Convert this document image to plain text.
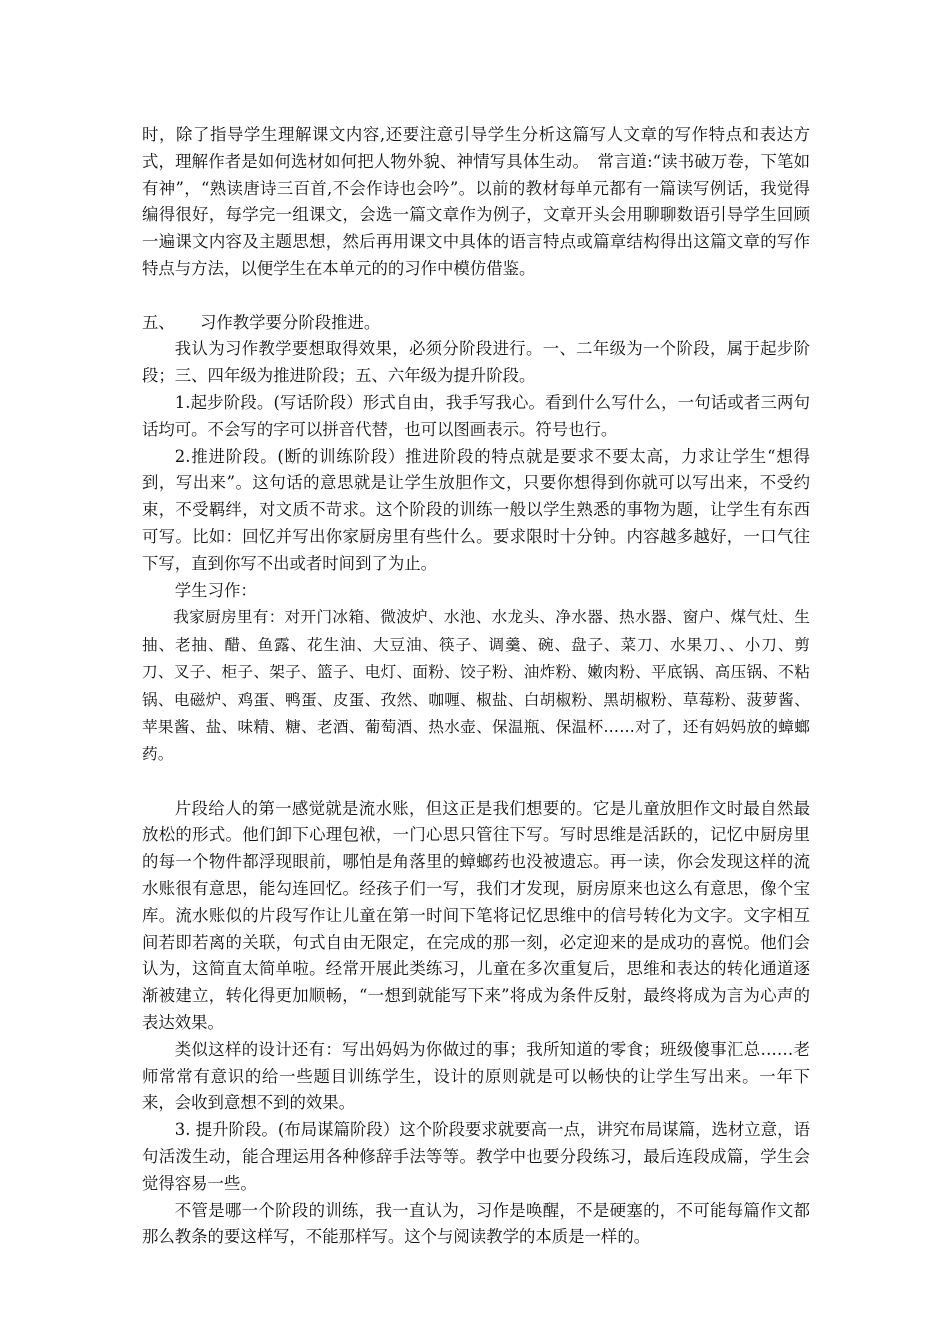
时，除了指导学生理解课文内容,还要注意引导学生分析这篇写人文章的写作特点和表达方式，理解作者是如何选材如何把人物外貌、神情写具体生动。　常言道:“读书破万卷，下笔如有神”，“熟读唐诗三百首,不会作诗也会吟”。以前的教材每单元都有一篇读写例话，我觉得编得很好，每学完一组课文，会选一篇文章作为例子，文章开头会用聊聊数语引导学生回顾一遍课文内容及主题思想，然后再用课文中具体的语言特点或篇章结构得出这篇文章的写作特点与方法，以便学生在本单元的的习作中模仿借鉴。

五、	习作教学要分阶段推进。

我认为习作教学要想取得效果，必须分阶段进行。一、二年级为一个阶段，属于起步阶段；三、四年级为推进阶段；五、六年级为提升阶段。

1.起步阶段。(写话阶段）形式自由，我手写我心。看到什么写什么，一句话或者三两句话均可。不会写的字可以拼音代替，也可以图画表示。符号也行。

2.推进阶段。(断的训练阶段）推进阶段的特点就是要求不要太高，力求让学生“想得到，写出来”。这句话的意思就是让学生放胆作文，只要你想得到你就可以写出来，不受约束，不受羁绊，对文质不苛求。这个阶段的训练一般以学生熟悉的事物为题，让学生有东西可写。比如：回忆并写出你家厨房里有些什么。要求限时十分钟。内容越多越好，一口气往下写，直到你写不出或者时间到了为止。

学生习作：

我家厨房里有：对开门冰箱、微波炉、水池、水龙头、净水器、热水器、窗户、煤气灶、生抽、老抽、醋、鱼露、花生油、大豆油、筷子、调羹、碗、盘子、菜刀、水果刀、、小刀、剪刀、叉子、柜子、架子、篮子、电灯、面粉、饺子粉、油炸粉、嫩肉粉、平底锅、高压锅、不粘锅、电磁炉、鸡蛋、鸭蛋、皮蛋、孜然、咖喱、椒盐、白胡椒粉、黑胡椒粉、草莓粉、菠萝酱、苹果酱、盐、味精、糖、老酒、葡萄酒、热水壶、保温瓶、保温杯……对了，还有妈妈放的蟑螂药。

片段给人的第一感觉就是流水账，但这正是我们想要的。它是儿童放胆作文时最自然最放松的形式。他们卸下心理包袱，一门心思只管往下写。写时思维是活跃的，记忆中厨房里的每一个物件都浮现眼前，哪怕是角落里的蟑螂药也没被遗忘。再一读，你会发现这样的流水账很有意思，能勾连回忆。经孩子们一写，我们才发现，厨房原来也这么有意思，像个宝库。流水账似的片段写作让儿童在第一时间下笔将记忆思维中的信号转化为文字。文字相互间若即若离的关联，句式自由无限定，在完成的那一刻，必定迎来的是成功的喜悦。他们会认为，这简直太简单啦。经常开展此类练习，儿童在多次重复后，思维和表达的转化通道逐渐被建立，转化得更加顺畅，“一想到就能写下来”将成为条件反射，最终将成为言为心声的表达效果。

类似这样的设计还有：写出妈妈为你做过的事；我所知道的零食；班级傻事汇总……老师常常有意识的给一些题目训练学生，设计的原则就是可以畅快的让学生写出来。一年下来，会收到意想不到的效果。

3. 提升阶段。(布局谋篇阶段）这个阶段要求就要高一点，讲究布局谋篇，选材立意，语句活泼生动，能合理运用各种修辞手法等等。教学中也要分段练习，最后连段成篇，学生会觉得容易一些。

不管是哪一个阶段的训练，我一直认为，习作是唤醒，不是硬塞的，不可能每篇作文都那么教条的要这样写，不能那样写。这个与阅读教学的本质是一样的。
